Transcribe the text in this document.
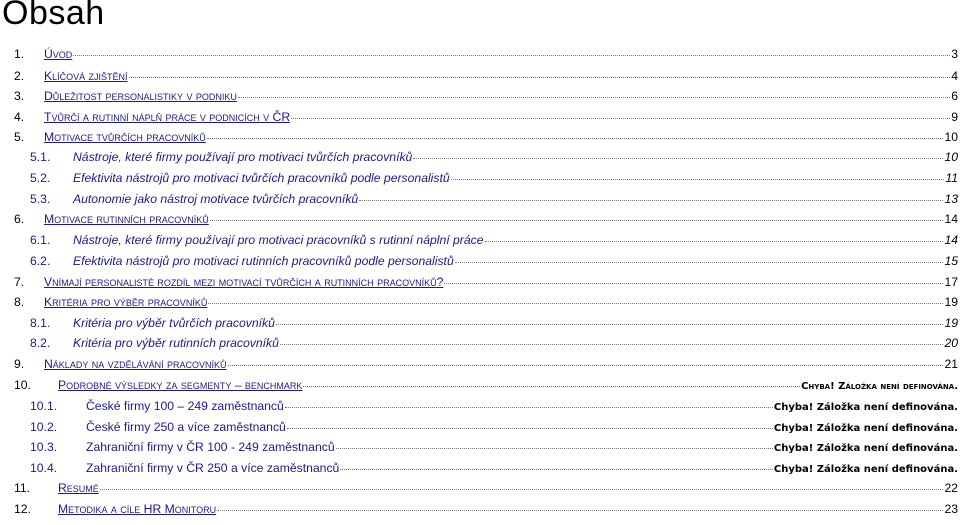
Obsah
1. Úvod	3
2. Klíčová zjištění	4
3. Důležitost personalistiky v podniku	6
4. Tvůrčí a rutinní náplň práce v podnicích v ČR	9
5. Motivace tvůrčích pracovníků	10
5.1. Nástroje, které firmy používají pro motivaci tvůrčích pracovníků	10
5.2. Efektivita nástrojů pro motivaci tvůrčích pracovníků podle personalistů	11
5.3. Autonomie jako nástroj motivace tvůrčích pracovníků	13
6. Motivace rutinních pracovníků	14
6.1. Nástroje, které firmy používají pro motivaci pracovníků s rutinní náplní práce	14
6.2. Efektivita nástrojů pro motivaci rutinních pracovníků podle personalistů	15
7. Vnímají personalisté rozdíl mezi motivací tvůrčích a rutinních pracovníků?	17
8. Kritéria pro výběr pracovníků	19
8.1. Kritéria pro výběr tvůrčích pracovníků	19
8.2. Kritéria pro výběr rutinních pracovníků	20
9. Náklady na vzdělávání pracovníků	21
10. Podrobné výsledky za segmenty – benchmark	Chyba! Záložka není definována.
10.1. České firmy 100 – 249 zaměstnanců	Chyba! Záložka není definována.
10.2. České firmy 250 a více zaměstnanců	Chyba! Záložka není definována.
10.3. Zahraniční firmy v ČR 100 - 249 zaměstnanců	Chyba! Záložka není definována.
10.4. Zahraniční firmy v ČR 250 a více zaměstnanců	Chyba! Záložka není definována.
11. Resumé	22
12. Metodika a cíle HR Monitoru	23
